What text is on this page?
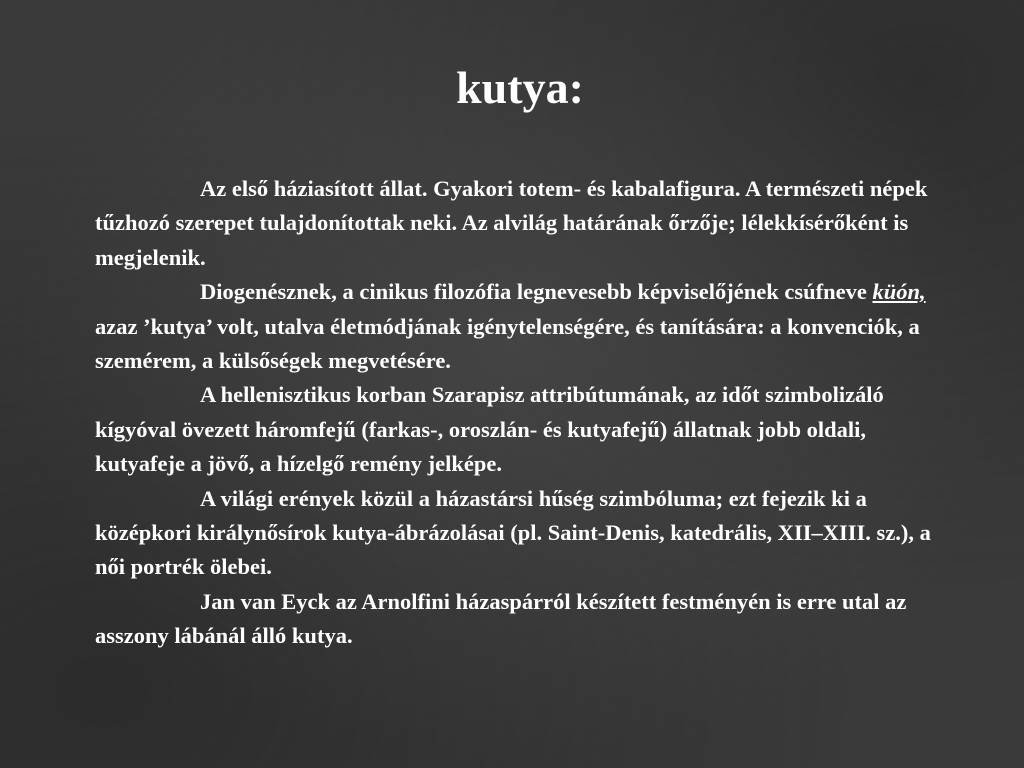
kutya:

Az első háziasított állat. Gyakori totem- és kabalafigura. A természeti népek tűzhozó szerepet tulajdonítottak neki. Az alvilág határának őrzője; lélekkísérőként is megjelenik.

Diogenésznek, a cinikus filozófia legnevesebb képviselőjének csúfneve küón, azaz ’kutya’ volt, utalva életmódjának igénytelenségére, és tanítására: a konvenciók, a szemérem, a külsőségek megvetésére.

A hellenisztikus korban Szarapisz attribútumának, az időt szimbolizáló kígyóval övezett háromfejű (farkas-, oroszlán- és kutyafejű) állatnak jobb oldali, kutyafeje a jövő, a hízelgő remény jelképe.

A világi erények közül a házastársi hűség szimbóluma; ezt fejezik ki a középkori királynősírok kutya-ábrázolásai (pl. Saint-Denis, katedrális, XII–XIII. sz.), a női portrék ölebei.

Jan van Eyck az Arnolfini házaspárról készített festményén is erre utal az asszony lábánál álló kutya.
